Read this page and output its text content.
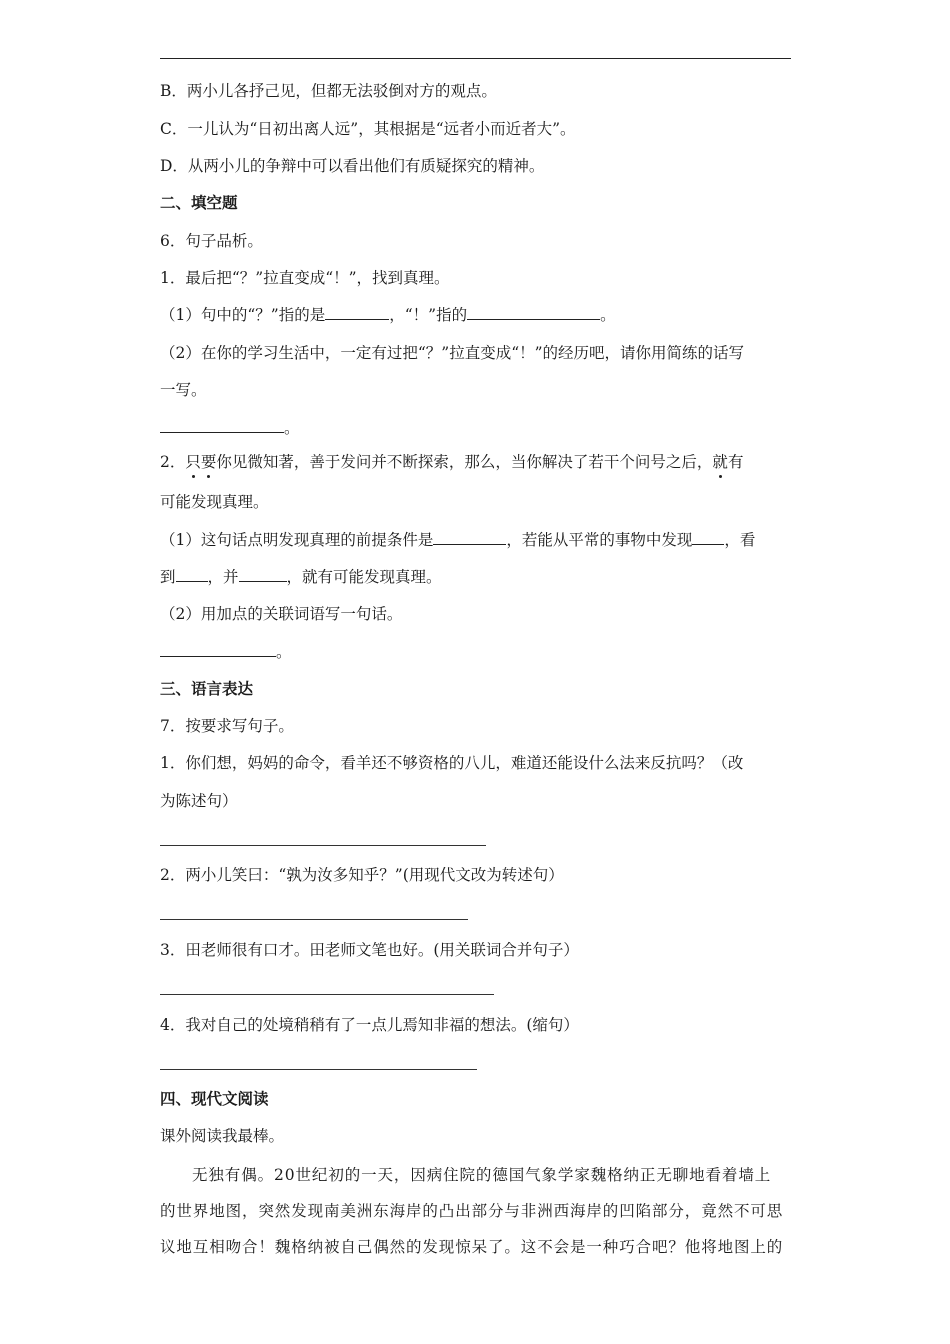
B．两小儿各抒己见，但都无法驳倒对方的观点。
C．一儿认为“日初出离人远”，其根据是“远者小而近者大”。
D．从两小儿的争辩中可以看出他们有质疑探究的精神。
二、填空题
6．句子品析。
1．最后把“？”拉直变成“！”，找到真理。
（1）句中的“？”指的是	，“！”指的	。
（2）在你的学习生活中，一定有过把“？”拉直变成“！”的经历吧，请你用简练的话写
一写。
。
2．只要你见微知著，善于发问并不断探索，那么，当你解决了若干个问号之后，就有
可能发现真理。
（1）这句话点明发现真理的前提条件是	，若能从平常的事物中发现 ，看
到 ，并	，就有可能发现真理。
（2）用加点的关联词语写一句话。
。
三、语言表达
7．按要求写句子。
1．你们想，妈妈的命令，看羊还不够资格的八儿，难道还能设什么法来反抗吗？（改
为陈述句）
2．两小儿笑曰：“孰为汝多知乎？”(用现代文改为转述句）
3．田老师很有口才。田老师文笔也好。(用关联词合并句子）
4．我对自己的处境稍稍有了一点儿焉知非福的想法。(缩句）
四、现代文阅读
课外阅读我最棒。
无独有偶。20世纪初的一天，因病住院的德国气象学家魏格纳正无聊地看着墙上
的世界地图，突然发现南美洲东海岸的凸出部分与非洲西海岸的凹陷部分，竟然不可思
议地互相吻合！魏格纳被自己偶然的发现惊呆了。这不会是一种巧合吧？他将地图上的
